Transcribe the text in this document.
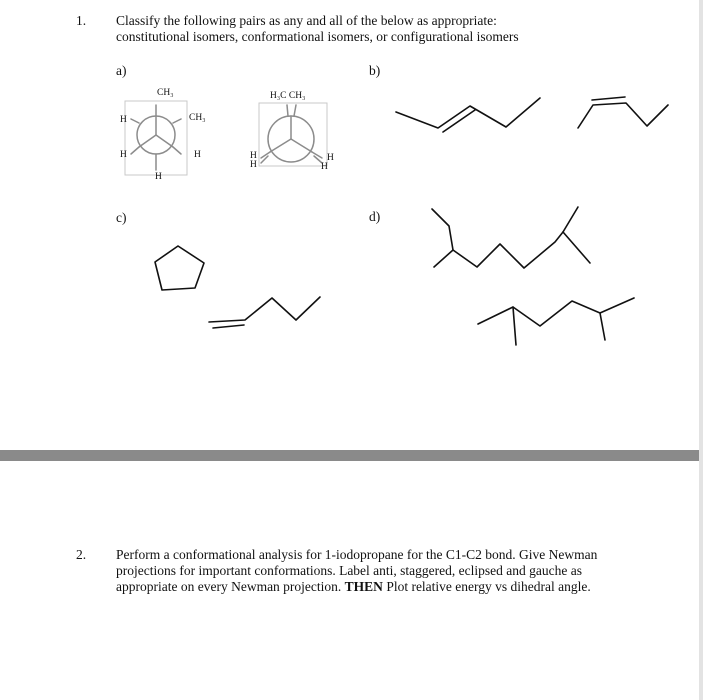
1. Classify the following pairs as any and all of the below as appropriate:
constitutional isomers, conformational isomers, or configurational isomers
a)	b)
c)	d)
CH₃
H	CH₃
H	H
H
H₃C CH₃
H
H
H
H
2. Perform a conformational analysis for 1-iodopropane for the C1-C2 bond. Give Newman
projections for important conformations. Label anti, staggered, eclipsed and gauche as
appropriate on every Newman projection. THEN Plot relative energy vs dihedral angle.
